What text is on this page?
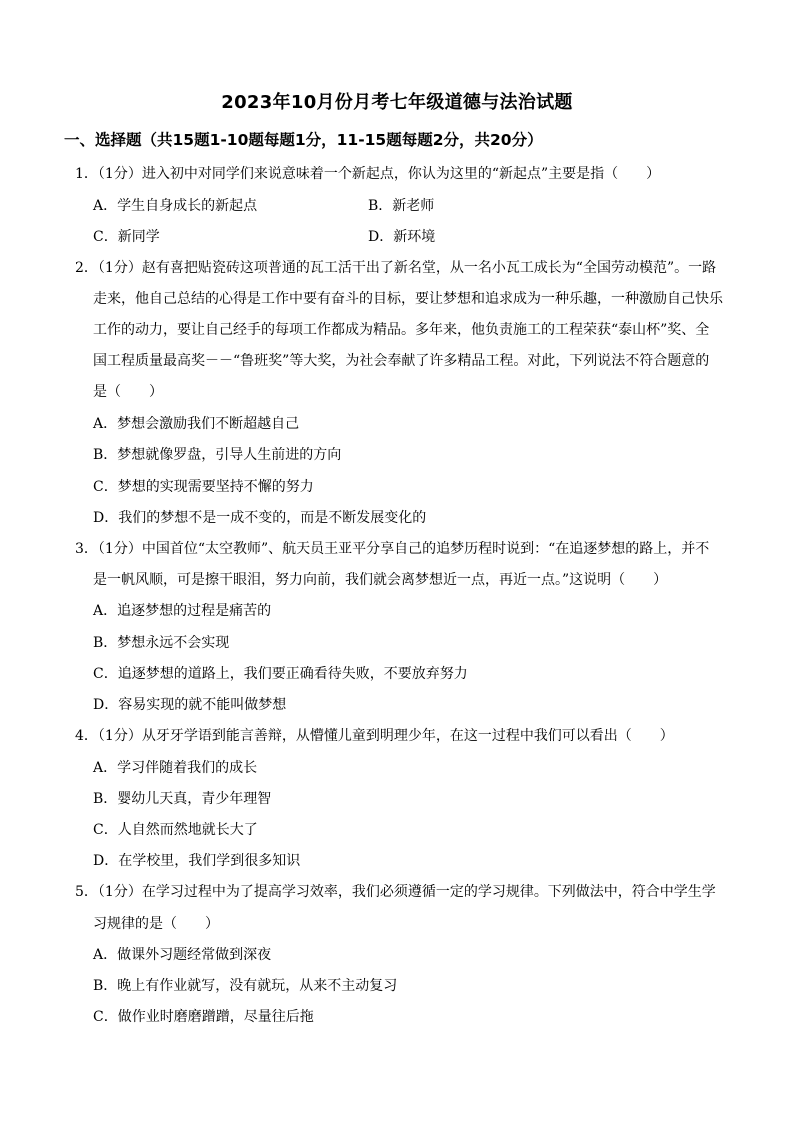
2023年10月份月考七年级道德与法治试题
一、选择题（共15题1-10题每题1分，11-15题每题2分，共20分）
1．（1分）进入初中对同学们来说意味着一个新起点，你认为这里的“新起点”主要是指（　　）
A．学生自身成长的新起点	B．新老师
C．新同学	D．新环境
2．（1分）赵有喜把贴瓷砖这项普通的瓦工活干出了新名堂，从一名小瓦工成长为“全国劳动模范”。一路
走来，他自己总结的心得是工作中要有奋斗的目标，要让梦想和追求成为一种乐趣，一种激励自己快乐
工作的动力，要让自己经手的每项工作都成为精品。多年来，他负责施工的工程荣获“泰山杯”奖、全
国工程质量最高奖－－“鲁班奖”等大奖，为社会奉献了许多精品工程。对此，下列说法不符合题意的
是（　　）
A．梦想会激励我们不断超越自己
B．梦想就像罗盘，引导人生前进的方向
C．梦想的实现需要坚持不懈的努力
D．我们的梦想不是一成不变的，而是不断发展变化的
3．（1分）中国首位“太空教师”、航天员王亚平分享自己的追梦历程时说到：“在追逐梦想的路上，并不
是一帆风顺，可是擦干眼泪，努力向前，我们就会离梦想近一点，再近一点。”这说明（　　）
A．追逐梦想的过程是痛苦的
B．梦想永远不会实现
C．追逐梦想的道路上，我们要正确看待失败，不要放弃努力
D．容易实现的就不能叫做梦想
4．（1分）从牙牙学语到能言善辩，从懵懂儿童到明理少年，在这一过程中我们可以看出（　　）
A．学习伴随着我们的成长
B．婴幼儿天真，青少年理智
C．人自然而然地就长大了
D．在学校里，我们学到很多知识
5．（1分）在学习过程中为了提高学习效率，我们必须遵循一定的学习规律。下列做法中，符合中学生学
习规律的是（　　）
A．做课外习题经常做到深夜
B．晚上有作业就写，没有就玩，从来不主动复习
C．做作业时磨磨蹭蹭，尽量往后拖
